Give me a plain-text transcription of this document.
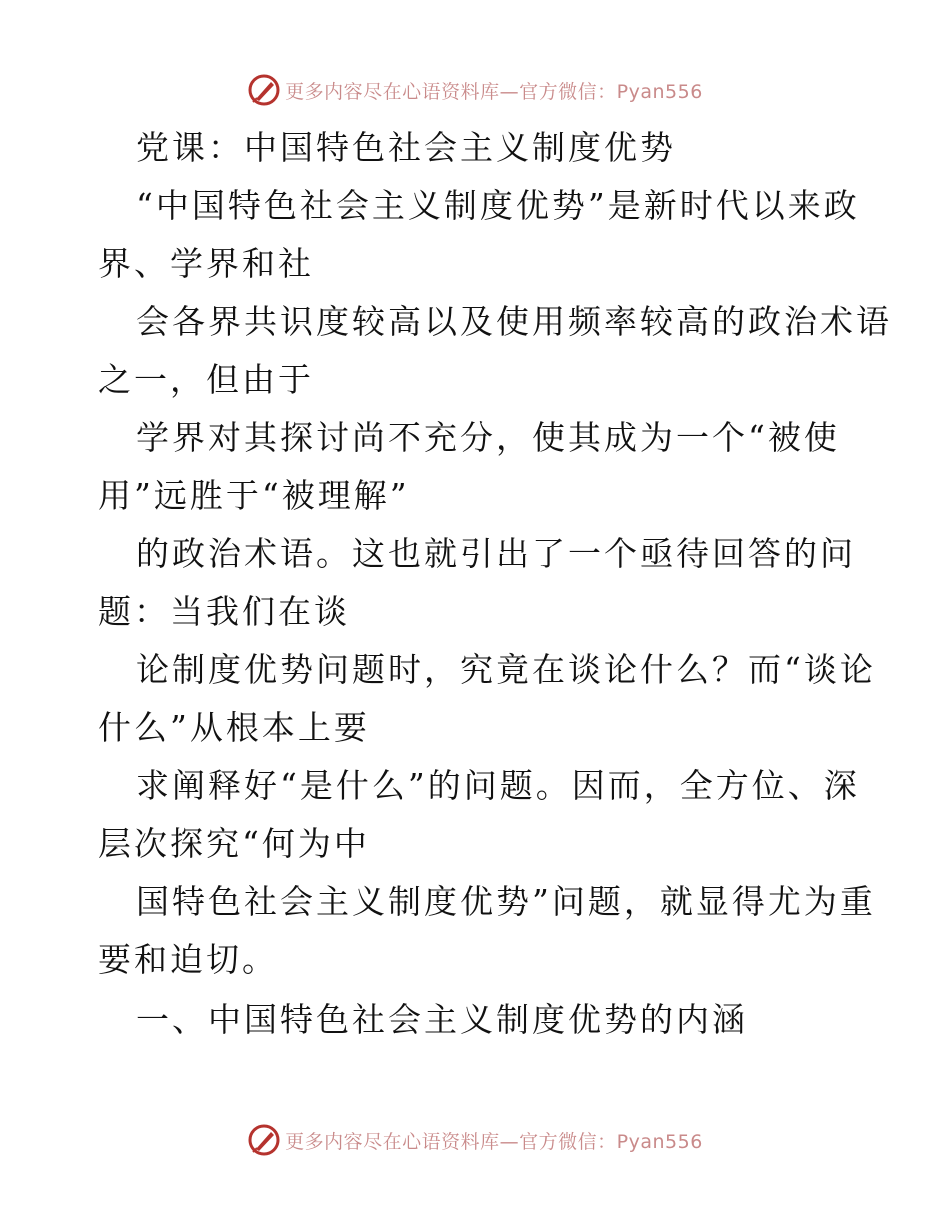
更多内容尽在心语资料库—官方微信：Pyan556
党课：中国特色社会主义制度优势
“中国特色社会主义制度优势”是新时代以来政
界、学界和社
会各界共识度较高以及使用频率较高的政治术语
之一，但由于
学界对其探讨尚不充分，使其成为一个“被使
用”远胜于“被理解”
的政治术语。这也就引出了一个亟待回答的问
题：当我们在谈
论制度优势问题时，究竟在谈论什么？而“谈论
什么”从根本上要
求阐释好“是什么”的问题。因而，全方位、深
层次探究“何为中
国特色社会主义制度优势”问题，就显得尤为重
要和迫切。
一、中国特色社会主义制度优势的内涵
更多内容尽在心语资料库—官方微信：Pyan556
